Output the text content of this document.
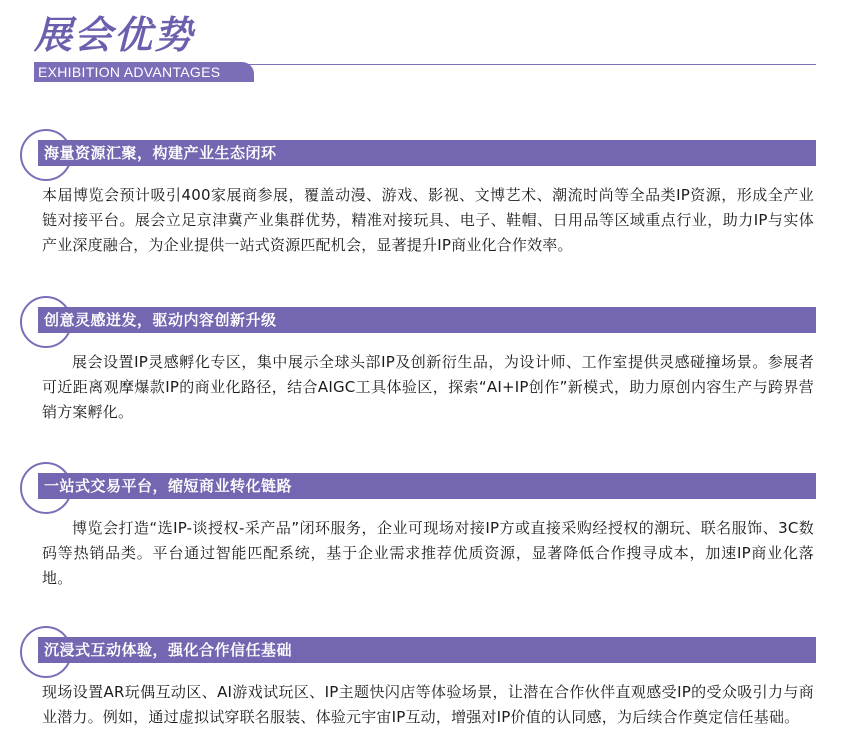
展会优势
EXHIBITION ADVANTAGES
海量资源汇聚，构建产业生态闭环

本届博览会预计吸引400家展商参展，覆盖动漫、游戏、影视、文博艺术、潮流时尚等全品类IP资源，形成全产业链对接平台。展会立足京津冀产业集群优势，精准对接玩具、电子、鞋帽、日用品等区域重点行业，助力IP与实体产业深度融合，为企业提供一站式资源匹配机会，显著提升IP商业化合作效率。

创意灵感迸发，驱动内容创新升级

展会设置IP灵感孵化专区，集中展示全球头部IP及创新衍生品，为设计师、工作室提供灵感碰撞场景。参展者可近距离观摩爆款IP的商业化路径，结合AIGC工具体验区，探索“AI+IP创作”新模式，助力原创内容生产与跨界营销方案孵化。

一站式交易平台，缩短商业转化链路

博览会打造“选IP-谈授权-采产品”闭环服务，企业可现场对接IP方或直接采购经授权的潮玩、联名服饰、3C数码等热销品类。平台通过智能匹配系统，基于企业需求推荐优质资源，显著降低合作搜寻成本，加速IP商业化落地。

沉浸式互动体验，强化合作信任基础

现场设置AR玩偶互动区、AI游戏试玩区、IP主题快闪店等体验场景，让潜在合作伙伴直观感受IP的受众吸引力与商业潜力。例如，通过虚拟试穿联名服装、体验元宇宙IP互动，增强对IP价值的认同感，为后续合作奠定信任基础。
